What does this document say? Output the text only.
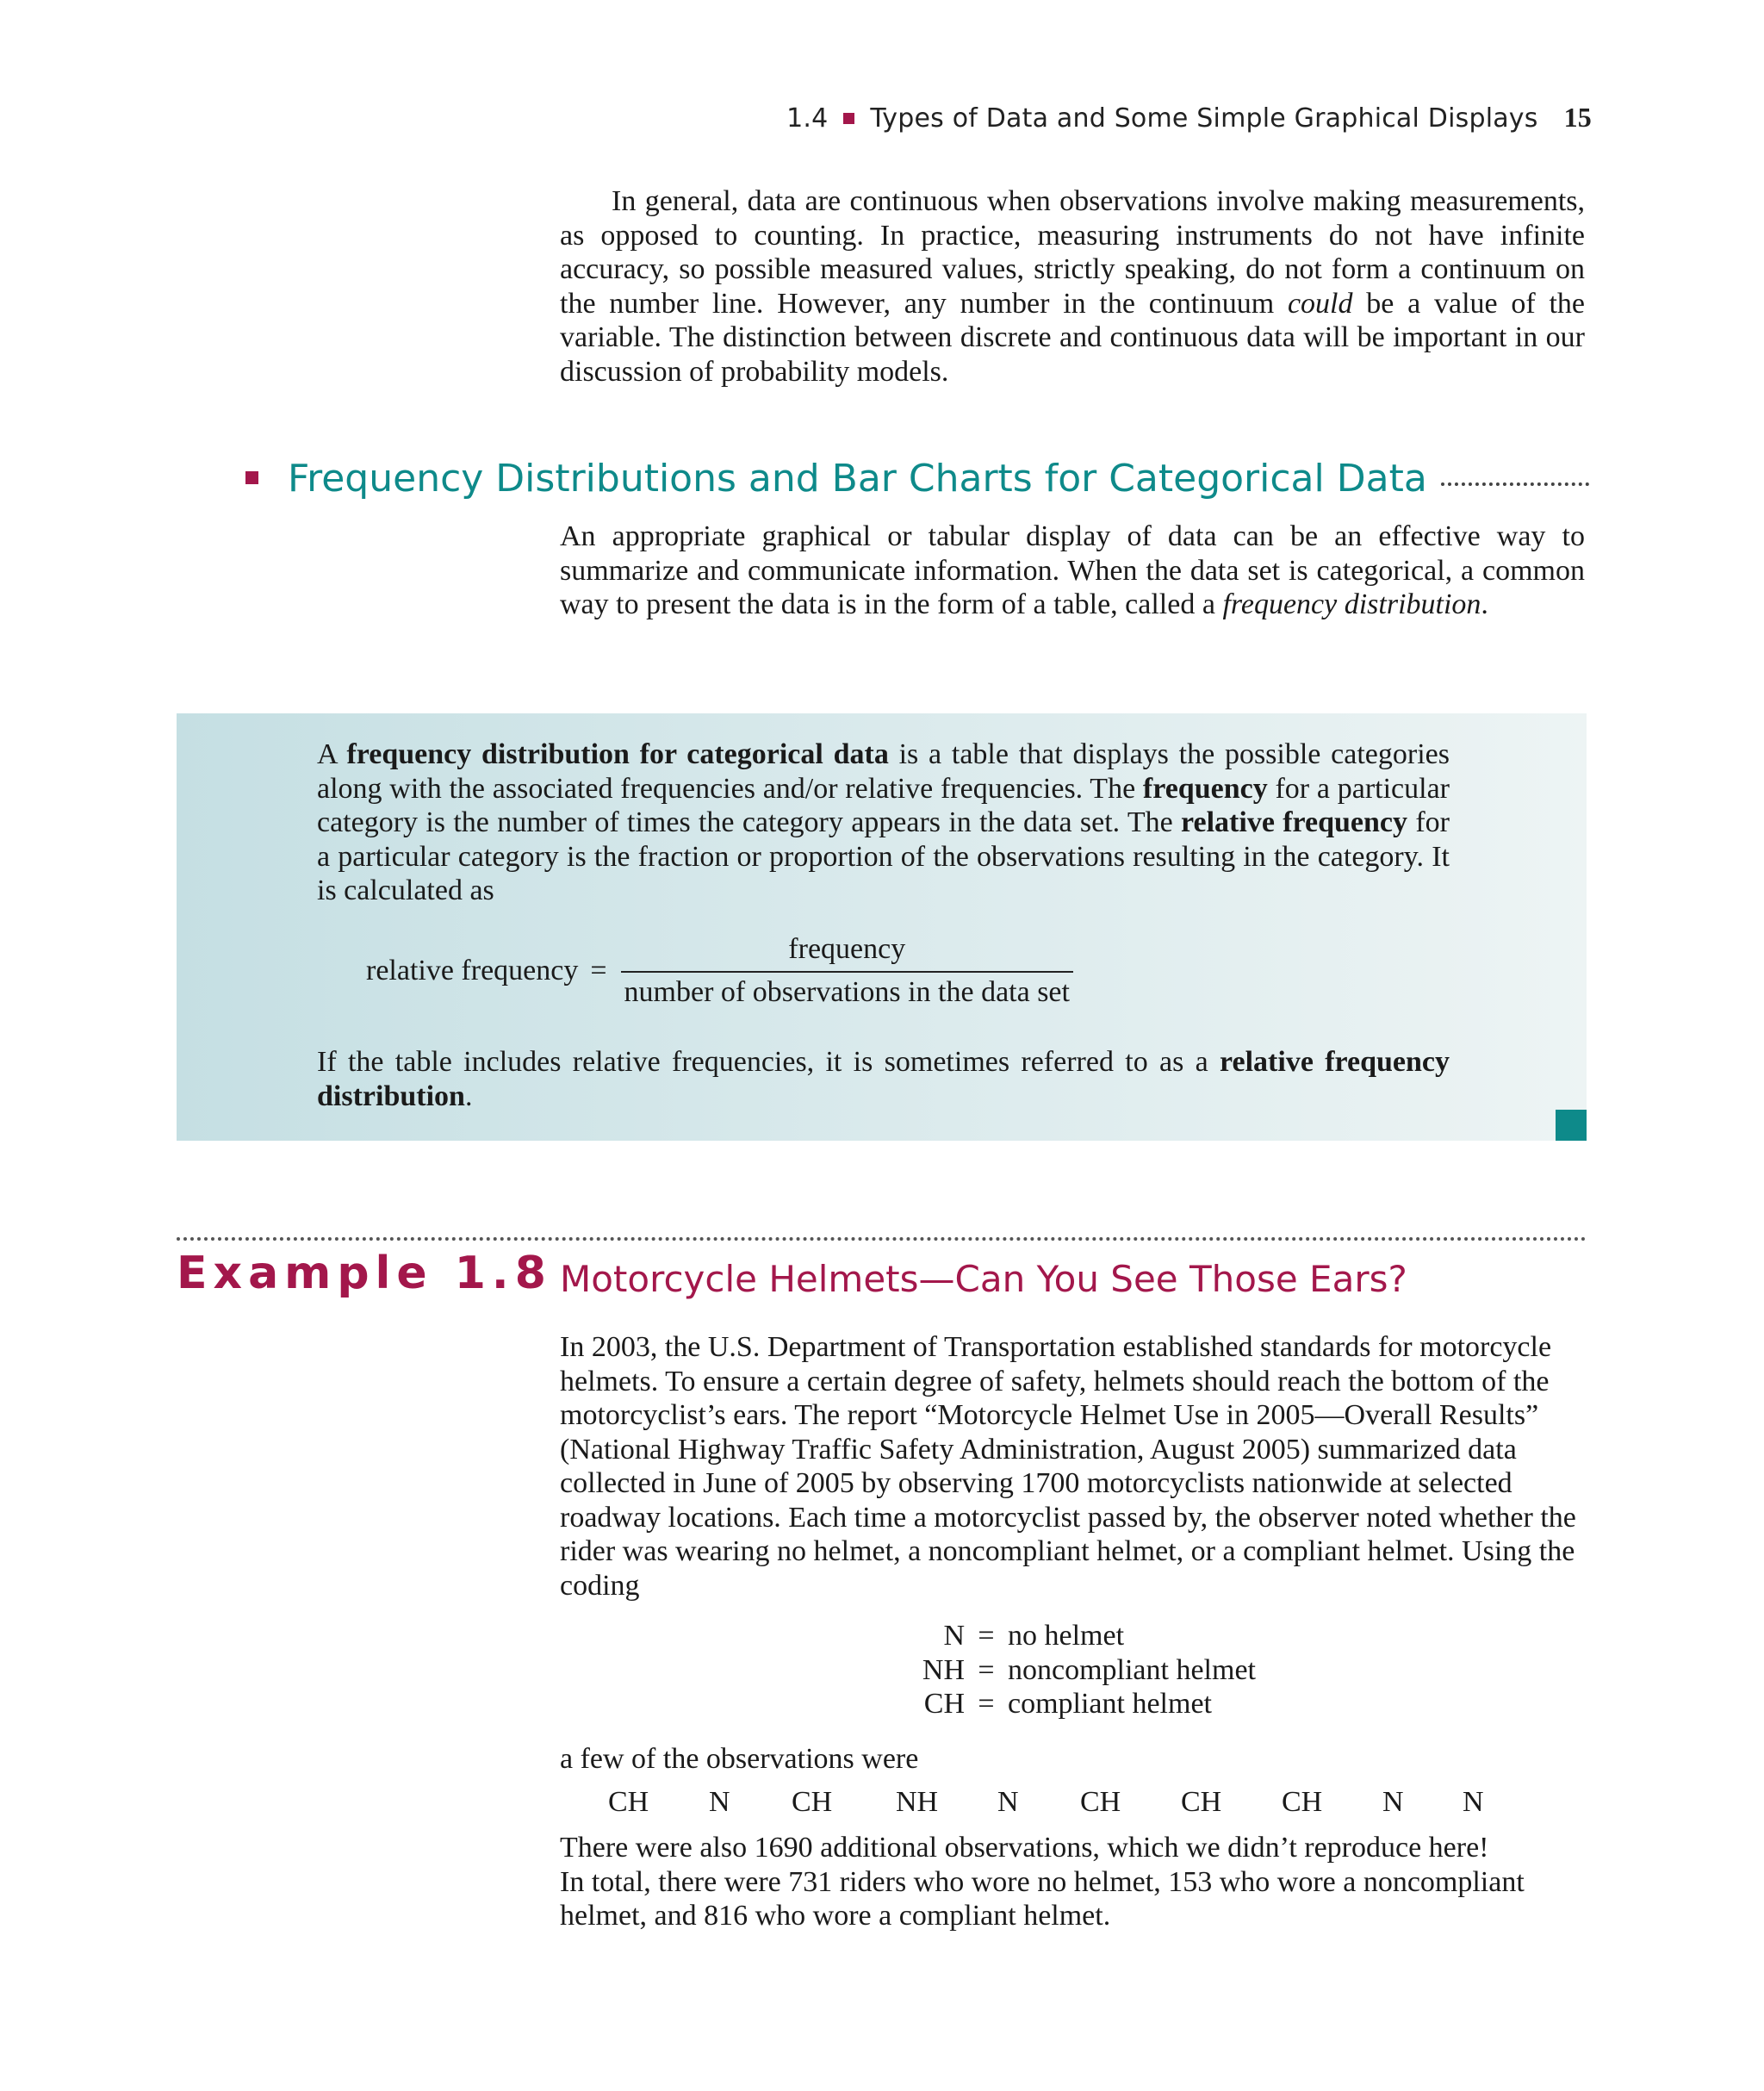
1.4 Types of Data and Some Simple Graphical Displays 15

In general, data are continuous when observations involve making measurements, as opposed to counting. In practice, measuring instruments do not have infinite accuracy, so possible measured values, strictly speaking, do not form a continuum on the number line. However, any number in the continuum could be a value of the variable. The distinction between discrete and continuous data will be important in our discussion of probability models.

Frequency Distributions and Bar Charts for Categorical Data

An appropriate graphical or tabular display of data can be an effective way to summarize and communicate information. When the data set is categorical, a common way to present the data is in the form of a table, called a frequency distribution.

A frequency distribution for categorical data is a table that displays the possible categories along with the associated frequencies and/or relative frequencies. The frequency for a particular category is the number of times the category appears in the data set. The relative frequency for a particular category is the fraction or proportion of the observations resulting in the category. It is calculated as

relative frequency = $\frac{\text{frequency}}{\text{number of observations in the data set}}$
If the table includes relative frequencies, it is sometimes referred to as a relative frequency distribution.
Example 1.8 Motorcycle Helmets—Can You See Those Ears?

In 2003, the U.S. Department of Transportation established standards for motorcycle helmets. To ensure a certain degree of safety, helmets should reach the bottom of the motorcyclist’s ears. The report “Motorcycle Helmet Use in 2005—Overall Results” (National Highway Traffic Safety Administration, August 2005) summarized data collected in June of 2005 by observing 1700 motorcyclists nationwide at selected roadway locations. Each time a motorcyclist passed by, the observer noted whether the rider was wearing no helmet, a noncompliant helmet, or a compliant helmet. Using the coding

N = no helmet
NH = noncompliant helmet
CH = compliant helmet
a few of the observations were
CH N CH NH N CH CH CH N N

There were also 1690 additional observations, which we didn’t reproduce here!

In total, there were 731 riders who wore no helmet, 153 who wore a noncompliant helmet, and 816 who wore a compliant helmet.
